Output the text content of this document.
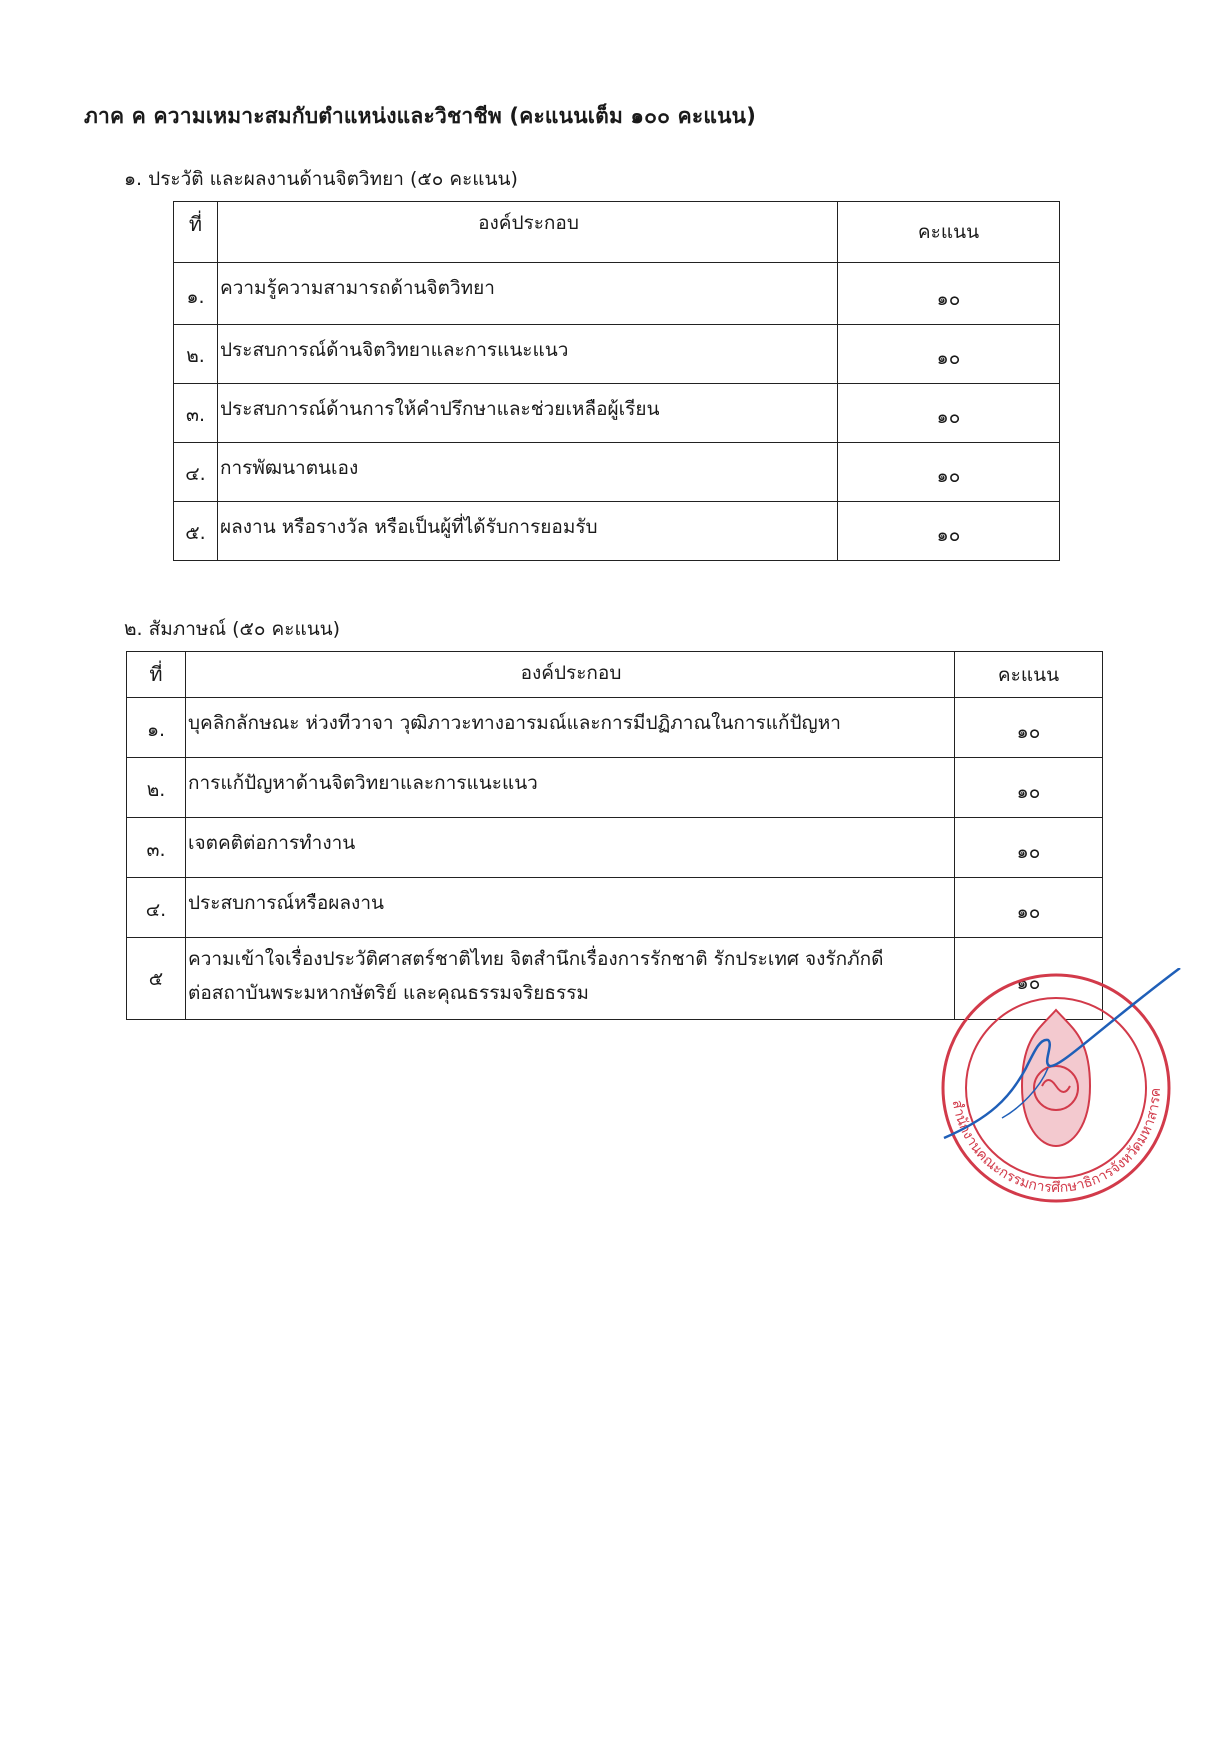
ภาค ค ความเหมาะสมกับตำแหน่งและวิชาชีพ (คะแนนเต็ม ๑๐๐ คะแนน)
๑. ประวัติ และผลงานด้านจิตวิทยา (๕๐ คะแนน)
ที่	องค์ประกอบ	คะแนน
๑.	ความรู้ความสามารถด้านจิตวิทยา	๑๐
๒.	ประสบการณ์ด้านจิตวิทยาและการแนะแนว	๑๐
๓.	ประสบการณ์ด้านการให้คำปรึกษาและช่วยเหลือผู้เรียน	๑๐
๔.	การพัฒนาตนเอง	๑๐
๕.	ผลงาน หรือรางวัล หรือเป็นผู้ที่ได้รับการยอมรับ	๑๐
๒. สัมภาษณ์ (๕๐ คะแนน)
ที่	องค์ประกอบ	คะแนน
๑.	บุคลิกลักษณะ ห่วงทีวาจา วุฒิภาวะทางอารมณ์และการมีปฏิภาณในการแก้ปัญหา	๑๐
๒.	การแก้ปัญหาด้านจิตวิทยาและการแนะแนว	๑๐
๓.	เจตคติต่อการทำงาน	๑๐
๔.	ประสบการณ์หรือผลงาน	๑๐
๕	ความเข้าใจเรื่องประวัติศาสตร์ชาติไทย จิตสำนึกเรื่องการรักชาติ รักประเทศ จงรักภักดี
ต่อสถาบันพระมหากษัตริย์ และคุณธรรมจริยธรรม	๑๐
สำนักงานคณะกรรมการศึกษาธิการจังหวัดมหาสารค
